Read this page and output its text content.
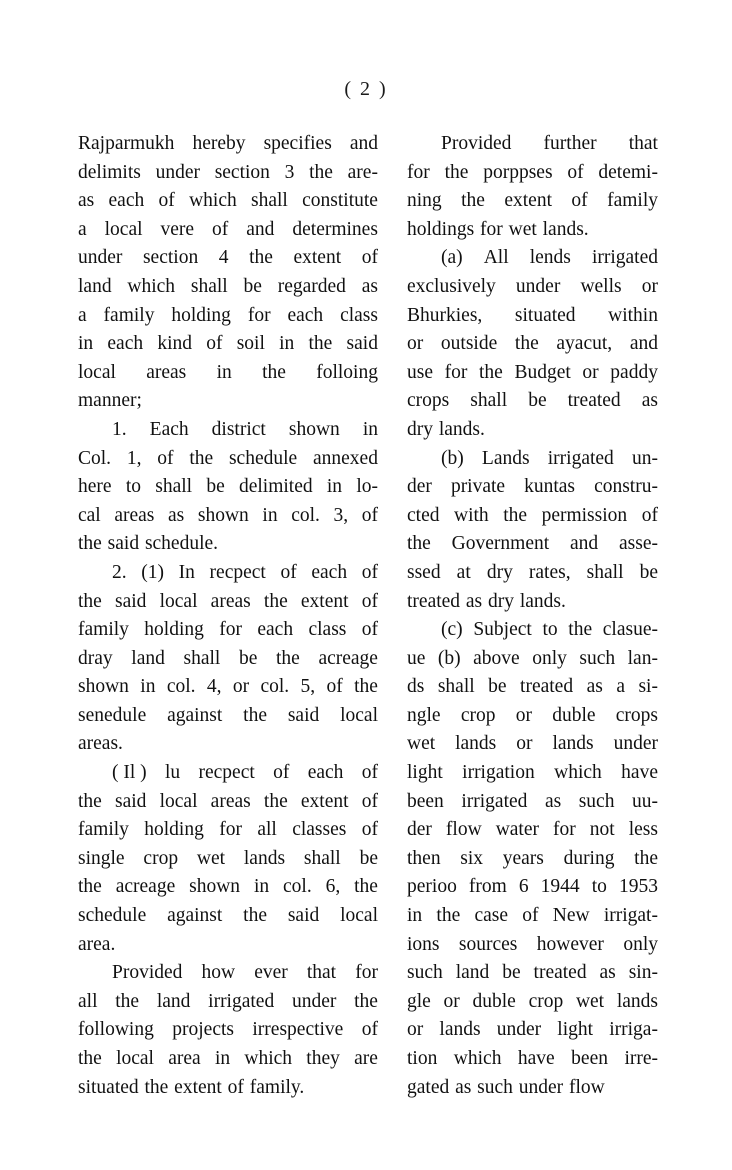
( 2 )
Rajparmukh hereby specifies and
delimits under section 3 the are-
as each of which shall constitute
a local vere of and determines
under section 4 the extent of
land which shall be regarded as
a family holding for each class
in each kind of soil in the said
local areas in the folloing
manner;
1. Each district shown in
Col. 1, of the schedule annexed
here to shall be delimited in lo-
cal areas as shown in col. 3, of
the said schedule.
2. (1) In recpect of each of
the said local areas the extent of
family holding for each class of
dray land shall be the acreage
shown in col. 4, or col. 5, of the
senedule against the said local
areas.
( Il ) lu recpect of each of
the said local areas the extent of
family holding for all classes of
single crop wet lands shall be
the acreage shown in col. 6, the
schedule against the said local
area.
Provided how ever that for
all the land irrigated under the
following projects irrespective of
the local area in which they are
situated the extent of family.
Provided further that
for the porppses of detemi-
ning the extent of family
holdings for wet lands.
(a) All lends irrigated
exclusively under wells or
Bhurkies, situated within
or outside the ayacut, and
use for the Budget or paddy
crops shall be treated as
dry lands.
(b) Lands irrigated un-
der private kuntas constru-
cted with the permission of
the Government and asse-
ssed at dry rates, shall be
treated as dry lands.
(c) Subject to the clasue-
ue (b) above only such lan-
ds shall be treated as a si-
ngle crop or duble crops
wet lands or lands under
light irrigation which have
been irrigated as such uu-
der flow water for not less
then six years during the
perioo from 6 1944 to 1953
in the case of New irrigat-
ions sources however only
such land be treated as sin-
gle or duble crop wet lands
or lands under light irriga-
tion which have been irre-
gated as such under flow
